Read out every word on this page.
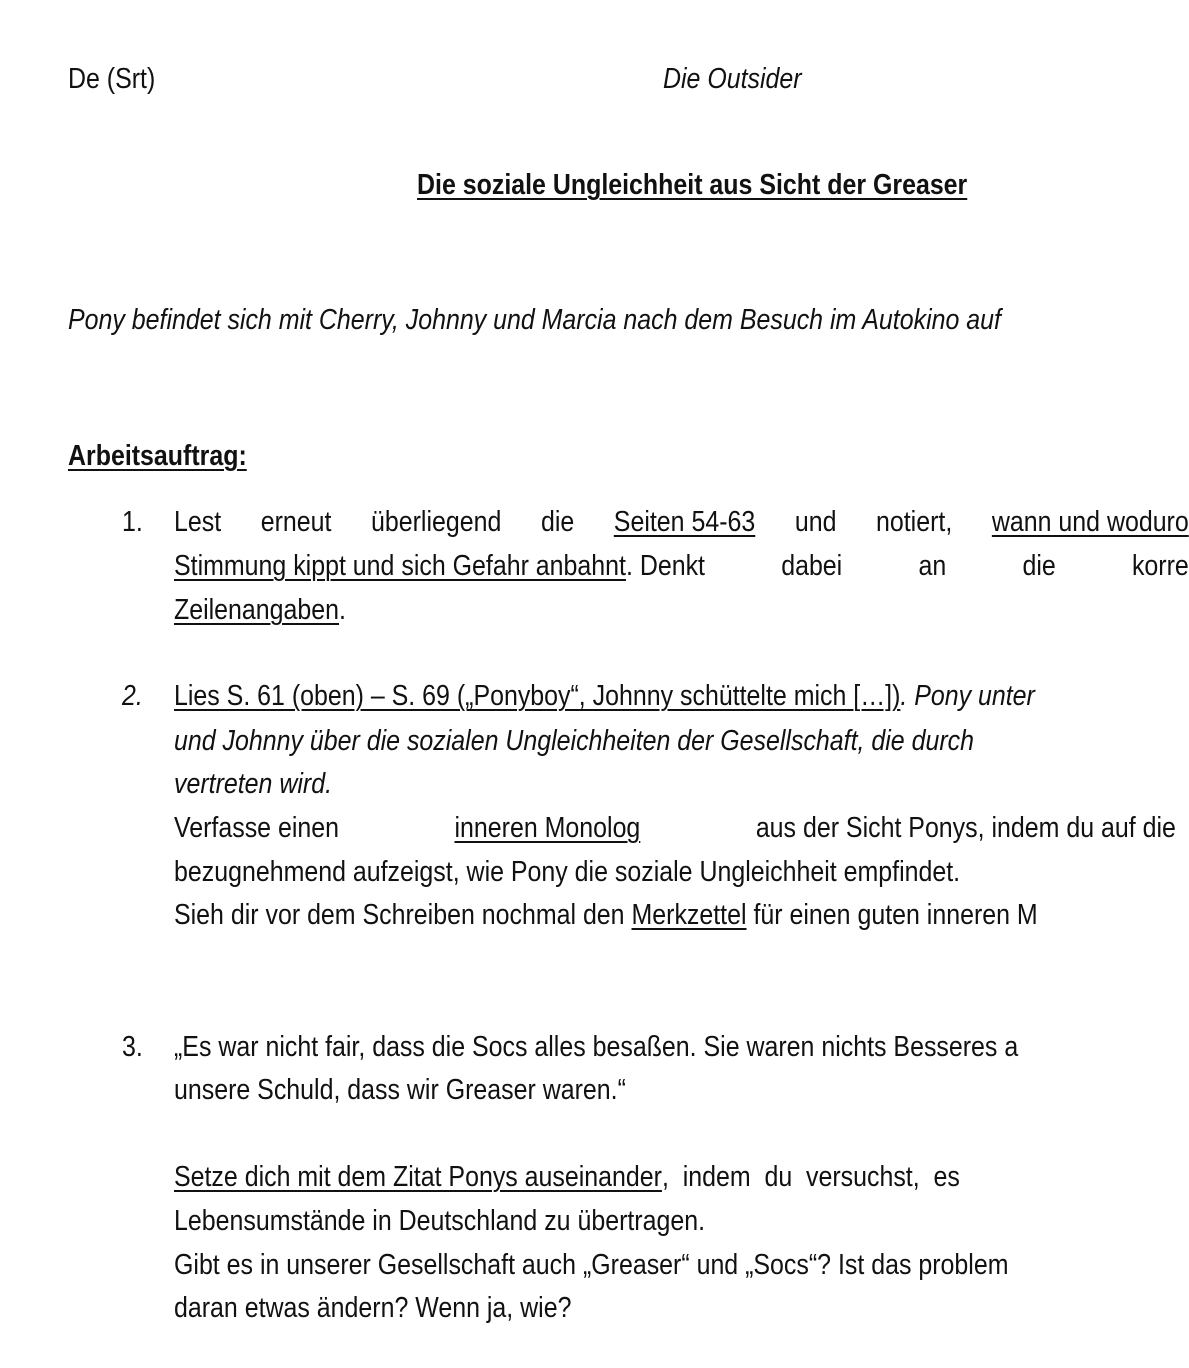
De (Srt)	Die Outsider
Die soziale Ungleichheit aus Sicht der Greaser
Pony befindet sich mit Cherry, Johnny und Marcia nach dem Besuch im Autokino auf
Arbeitsauftrag:
1. Lest erneut überliegend die Seiten 54-63 und notiert, wann und woduro
Stimmung kippt und sich Gefahr anbahnt. Denkt	dabei	an	die	korre
Zeilenangaben.
2. Lies S. 61 (oben) – S. 69 („Ponyboy“, Johnny schüttelte mich […]). Pony unter
und Johnny über die sozialen Ungleichheiten der Gesellschaft, die durch
vertreten wird.
Verfasse einen	inneren Monolog	aus der Sicht Ponys, indem du auf die
bezugnehmend aufzeigst, wie Pony die soziale Ungleichheit empfindet.
Sieh dir vor dem Schreiben nochmal den Merkzettel für einen guten inneren M
3. „Es war nicht fair, dass die Socs alles besaßen. Sie waren nichts Besseres a
unsere Schuld, dass wir Greaser waren.“
Setze dich mit dem Zitat Ponys auseinander, indem du versuchst, es
Lebensumstände in Deutschland zu übertragen.
Gibt es in unserer Gesellschaft auch „Greaser“ und „Socs“? Ist das problem
daran etwas ändern? Wenn ja, wie?
